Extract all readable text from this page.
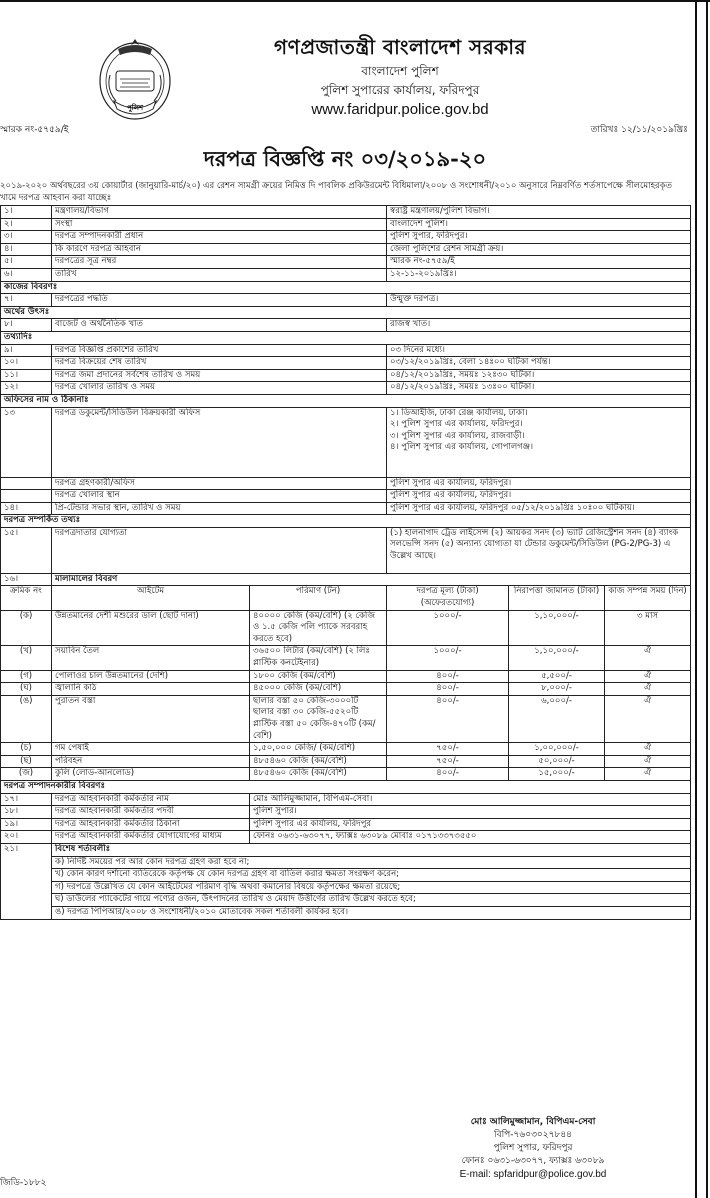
পুলিশ
গণপ্রজাতন্ত্রী বাংলাদেশ সরকার
বাংলাদেশ পুলিশ
পুলিশ সুপারের কার্যালয়, ফরিদপুর
www.faridpur.police.gov.bd
স্মারক নং-৫৭৫৯/ই	তারিখঃ ১২/১১/২০১৯খ্রিঃ
দরপত্র বিজ্ঞপ্তি নং ০৩/২০১৯-২০
২০১৯-২০২০ অর্থবছরের ৩য় কোয়ার্টার (জানুয়ারি-মার্চ/২০) এর রেশন সামগ্রী ক্রয়ের নিমিত্ত দি পাবলিক প্রকিউরমেন্ট বিধিমালা/২০০৮ ও সংশোধনী/২০১০ অনুসারে নিম্নবর্ণিত শর্তসাপেক্ষে সীলমোহরকৃত খামে দরপত্র আহবান করা যাচ্ছেঃ
১।	মন্ত্রণালয়/বিভাগ		স্বরাষ্ট্র মন্ত্রণালয়/পুলিশ বিভাগ।		
২।	সংস্থা		বাংলাদেশ পুলিশ।		
৩।	দরপত্র সম্পাদনকারী প্রধান		পুলিশ সুপার, ফরিদপুর।		
৪।	কি কারণে দরপত্র আহবান		জেলা পুলিশের রেশন সামগ্রী ক্রয়।		
৫।	দরপত্রের সূত্র নম্বর		স্মারক নং-৫৭৫৯/ই		
৬।	তারিখ		১২-১১-২০১৯খ্রিঃ।		
কাজের বিবরণঃ					
৭।	দরপত্রের পদ্ধতি		উন্মুক্ত দরপত্র।		
অর্থের উৎসঃ					
৮।	বাজেট ও অর্থনৈতিক খাত		রাজস্ব খাত।		
তথ্যাদিঃ					
৯।	দরপত্র বিজ্ঞপ্তি প্রকাশের তারিখ		০৩ দিনের মধ্যে।		
১০।	দরপত্র বিক্রয়ের শেষ তারিখ		০৩/১২/২০১৯খ্রিঃ, বেলা ১৪ঃ০০ ঘটিকা পর্যন্ত।		
১১।	দরপত্র জমা প্রদানের সর্বশেষ তারিখ ও সময়		০৪/১২/২০১৯খ্রিঃ, সময়ঃ ১২ঃ৩০ ঘটিকা।		
১২।	দরপত্র খোলার তারিখ ও সময়		০৪/১২/২০১৯খ্রিঃ, সময়ঃ ১৩ঃ০০ ঘটিকা।		
অফিসের নাম ও ঠিকানাঃ					
১৩	দরপত্র ডকুমেন্ট/সিডিউল বিক্রয়কারী অফিস		১। ডিআইজি, ঢাকা রেঞ্জ কার্যালয়, ঢাকা।
২। পুলিশ সুপার এর কার্যালয়, ফরিদপুর।
৩। পুলিশ সুপার এর কার্যালয়, রাজবাড়ী।
৪। পুলিশ সুপার এর কার্যালয়, গোপালগঞ্জ।		

	দরপত্র গ্রহণকারী/অফিস		পুলিশ সুপার এর কার্যালয়, ফরিদপুর।		
	দরপত্র খোলার স্থান		পুলিশ সুপার এর কার্যালয়, ফরিদপুর।		
১৪।	প্রি-টেন্ডার সভার স্থান, তারিখ ও সময়		পুলিশ সুপার এর কার্যালয়, ফরিদপুর ০৫/১২/২০১৯খ্রিঃ ১০ঃ০০ ঘটিকায়।		
দরপত্র সম্পর্কিত তথ্যঃ					
১৫।	দরপত্রদাতার যোগ্যতা		(১) হালনাগাদ ট্রেড লাইসেন্স (২) আয়কর সনদ (৩) ভ্যাট রেজিস্ট্রেশন সনদ (৪) ব্যাংক সলভেন্সি সনদ (৫) অন্যান্য যোগ্যতা যা টেন্ডার ডকুমেন্ট/সিডিউল (PG-2/PG-3) এ উল্লেখ আছে।		
১৬।	মালামালের বিবরণ				
ক্রমিক নং	আইটেম	পরিমাণ (টন)	দরপত্র মূল্য (টাকা) (অফেরতযোগ্য)	নিরাপত্তা জামানত (টাকা)	কাজ সম্পন্ন সময় (দিন)
(ক)	উন্নতমানের দেশী মশুরের ডাল (ছোট দানা)	৪০০০০ কেজি (কম/বেশি) (২ কেজি ও ১.৫ কেজি পলি প্যাকে সরবরাহ করতে হবে)	১০০০/-	১,১০,০০০/-	৩ মাস
(খ)	সয়াবিন তৈল	৩৬৫০০ লিটার (কম/বেশি) (২ লিঃ প্লাস্টিক কনটেইনার)	১০০০/-	১,১০,০০০/-	ঐ
(গ)	পোলাওর চাল উন্নতমানের (দেশি)	১৮০০ কেজি (কম/বেশি)	৪০০/-	৫,৫০০/-	ঐ
(ঘ)	জ্বালানি কাঠ	৪৫০০০ কেজি (কম/বেশি)	৪০০/-	৮,০০০/-	ঐ
(ঙ)	পুরাতন বস্তা	ছালার বস্তা ৫০ কেজি-৩০০০টি
ছালার বস্তা ৩০ কেজি-৫৫২০টি
প্লাস্টিক বস্তা ৫০ কেজি-৪৭০টি (কম/বেশি)	৪০০/-	৬,০০০/-	ঐ
(চ)	গম পেষাই	১,৫০,০০০ কেজি/ (কম/বেশি)	৭৫০/-	১,০০,০০০/-	ঐ
(ছ)	পরিবহন	৪৮৫৪৬০ কেজি (কম/বেশি)	৭৫০/-	৫০,০০০/-	ঐ
(জ)	কুলি (লোড-আনলোড)	৪৮৫৪৬০ কেজি (কম/বেশি)	৪০০/-	১৫,০০০/-	ঐ
দরপত্র সম্পাদনকারীর বিবরণঃ					
১৭।	দরপত্র আহবানকারী কর্মকর্তার নাম	মোঃ আলিমুজ্জামান, বিপিএম-সেবা।			
১৮।	দরপত্র আহবানকারী কর্মকর্তার পদবী	পুলিশ সুপার।			
১৯।	দরপত্র আহবানকারী কর্মকর্তার ঠিকানা	পুলিশ সুপার এর কার্যালয়, ফরিদপুর			
২০।	দরপত্র আহবানকারী কর্মকর্তার যোগাযোগের মাধ্যম	ফোনঃ ০৬৩১-৬৩০৭৭, ফ্যাক্সঃ ৬৩০৮৯ মোবাঃ ০১৭১৩৩৭৩৫৫০			
২১।	বিশেষ শর্তাবলীঃ				
	ক) নির্দিষ্ট সময়ের পর আর কোন দরপত্র গ্রহণ করা হবে না;				
	খ) কোন কারণ দর্শানো ব্যতিরেকে কর্তৃপক্ষ যে কোন দরপত্র গ্রহণ বা বাতিল করার ক্ষমতা সংরক্ষণ করেন;				
	গ) দরপত্রে উল্লেখিত যে কোন আইটেমের পরিমাণ বৃদ্ধি অথবা কমানোর বিষয়ে কর্তৃপক্ষের ক্ষমতা রয়েছে;				
	ঘ) ডাউলের প্যাকেটের গায়ে পণ্যের ওজন, উৎপাদনের তারিখ ও মেয়াদ উত্তীর্ণের তারিখ উল্লেখ করতে হবে;				
	ঙ) দরপত্র পিপিআর/২০০৮ ও সংশোধনী/২০১০ মোতাবেক সকল শর্তাবলী কার্যকর হবে।				
মোঃ আলিমুজ্জামান, বিপিএম-সেবা
বিপি-৭৬০৩০২৭৮৪৪
পুলিশ সুপার, ফরিদপুর
ফোনঃ ০৬৩১-৬৩০৭৭, ফ্যাক্সঃ ৬৩০৮৯
E-mail: spfaridpur@police.gov.bd
জিডি-১৮৮২
